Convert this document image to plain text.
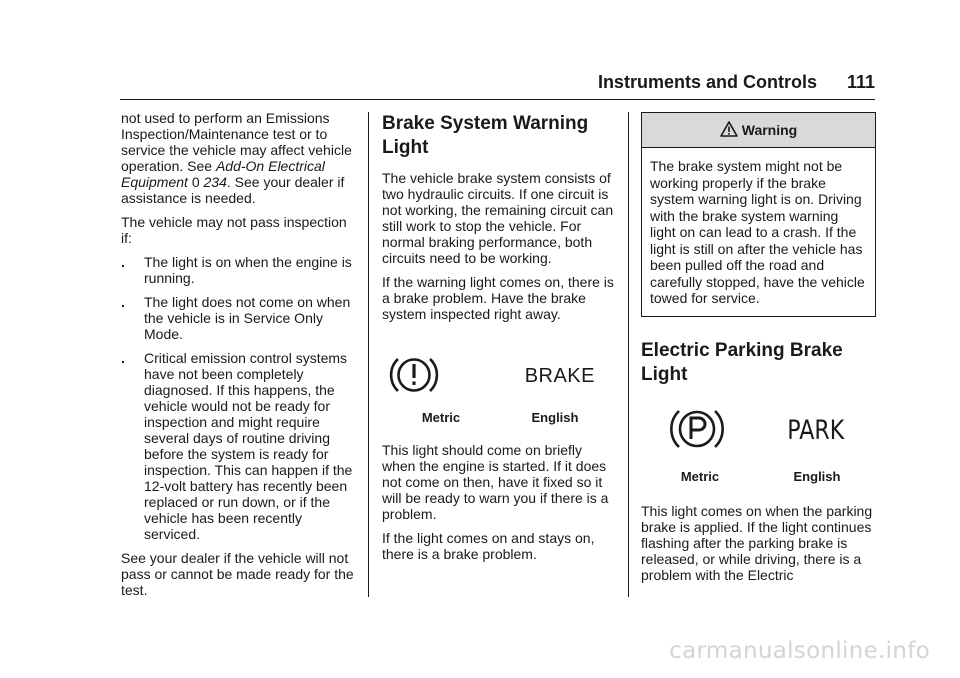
Instruments and Controls 111

not used to perform an Emissions Inspection/Maintenance test or to service the vehicle may affect vehicle operation. See Add-On Electrical Equipment 0 234. See your dealer if assistance is needed.

The vehicle may not pass inspection if:

.	The light is on when the engine is running.
.	The light does not come on when the vehicle is in Service Only Mode.
.	Critical emission control systems have not been completely diagnosed. If this happens, the vehicle would not be ready for inspection and might require several days of routine driving before the system is ready for inspection. This can happen if the 12-volt battery has recently been replaced or run down, or if the vehicle has been recently serviced.

See your dealer if the vehicle will not pass or cannot be made ready for the test.

Brake System Warning Light

The vehicle brake system consists of two hydraulic circuits. If one circuit is not working, the remaining circuit can still work to stop the vehicle. For normal braking performance, both circuits need to be working.

If the warning light comes on, there is a brake problem. Have the brake system inspected right away.

BRAKE
Metric	English

This light should come on briefly when the engine is started. If it does not come on then, have it fixed so it will be ready to warn you if there is a problem.

If the light comes on and stays on, there is a brake problem.

Warning
The brake system might not be working properly if the brake system warning light is on. Driving with the brake system warning light on can lead to a crash. If the light is still on after the vehicle has been pulled off the road and carefully stopped, have the vehicle towed for service.
Electric Parking Brake Light
PARK
Metric	English

This light comes on when the parking brake is applied. If the light continues flashing after the parking brake is released, or while driving, there is a problem with the Electric

carmanualsonline.info
